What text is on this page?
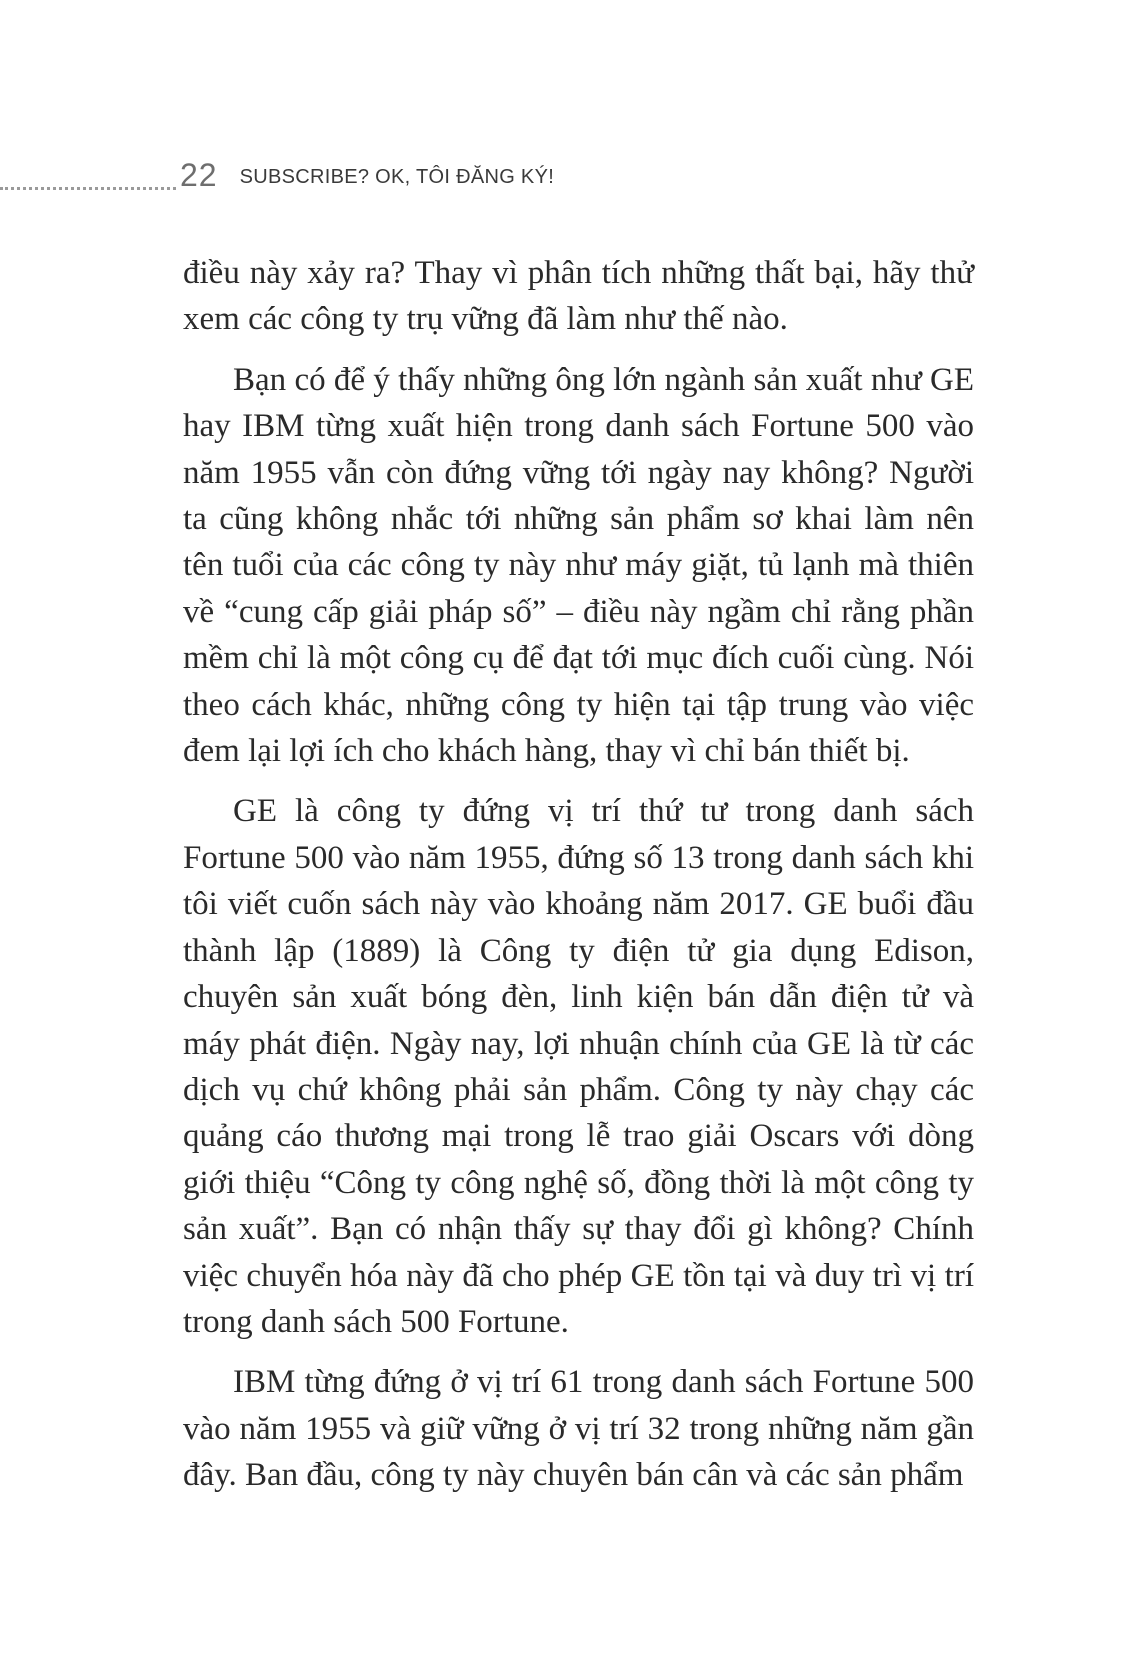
22 SUBSCRIBE? OK, TÔI ĐĂNG KÝ!

điều này xảy ra? Thay vì phân tích những thất bại, hãy thử xem các công ty trụ vững đã làm như thế nào.

Bạn có để ý thấy những ông lớn ngành sản xuất như GE hay IBM từng xuất hiện trong danh sách Fortune 500 vào năm 1955 vẫn còn đứng vững tới ngày nay không? Người ta cũng không nhắc tới những sản phẩm sơ khai làm nên tên tuổi của các công ty này như máy giặt, tủ lạnh mà thiên về “cung cấp giải pháp số” – điều này ngầm chỉ rằng phần mềm chỉ là một công cụ để đạt tới mục đích cuối cùng. Nói theo cách khác, những công ty hiện tại tập trung vào việc đem lại lợi ích cho khách hàng, thay vì chỉ bán thiết bị.

GE là công ty đứng vị trí thứ tư trong danh sách Fortune 500 vào năm 1955, đứng số 13 trong danh sách khi tôi viết cuốn sách này vào khoảng năm 2017. GE buổi đầu thành lập (1889) là Công ty điện tử gia dụng Edison, chuyên sản xuất bóng đèn, linh kiện bán dẫn điện tử và máy phát điện. Ngày nay, lợi nhuận chính của GE là từ các dịch vụ chứ không phải sản phẩm. Công ty này chạy các quảng cáo thương mại trong lễ trao giải Oscars với dòng giới thiệu “Công ty công nghệ số, đồng thời là một công ty sản xuất”. Bạn có nhận thấy sự thay đổi gì không? Chính việc chuyển hóa này đã cho phép GE tồn tại và duy trì vị trí trong danh sách 500 Fortune.

IBM từng đứng ở vị trí 61 trong danh sách Fortune 500 vào năm 1955 và giữ vững ở vị trí 32 trong những năm gần đây. Ban đầu, công ty này chuyên bán cân và các sản phẩm
